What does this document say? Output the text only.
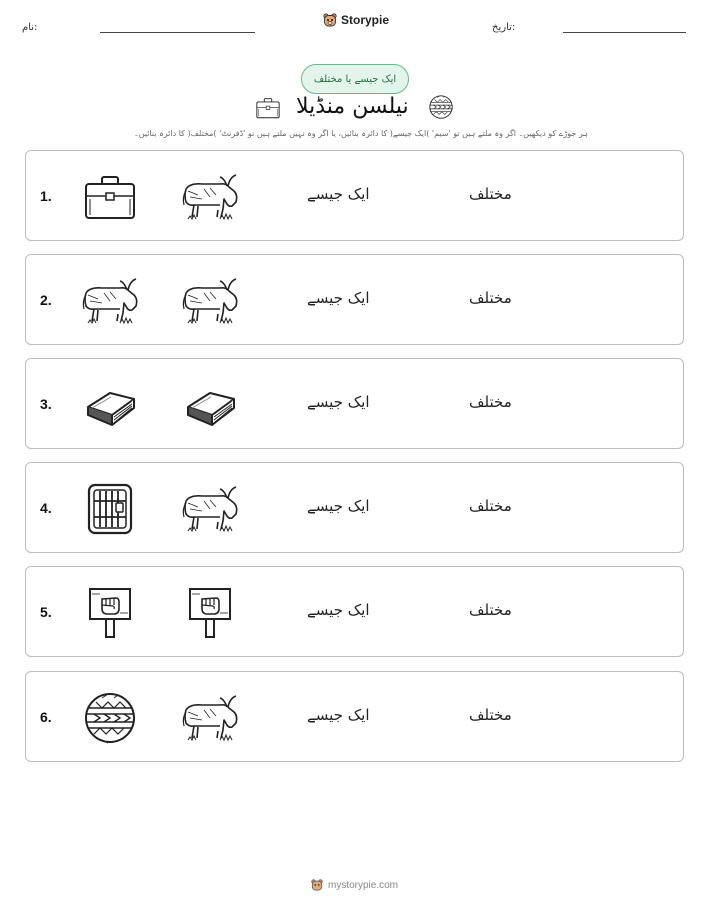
نام:
Storypie
تاریخ:
ایک جیسے یا مختلف
نیلسن منڈیلا
ہر جوڑے کو دیکھیں۔ اگر وہ ملتے ہیں تو 'سیم' )ایک جیسے( کا دائرہ بنائیں، یا اگر وہ نہیں ملتے ہیں تو 'ڈفرنٹ' )مختلف( کا دائرہ بنائیں۔
1.	ایک جیسے	مختلف
2.	ایک جیسے	مختلف
3.	ایک جیسے	مختلف
4.	ایک جیسے	مختلف
5.	ایک جیسے	مختلف
6.	ایک جیسے	مختلف
mystorypie.com
